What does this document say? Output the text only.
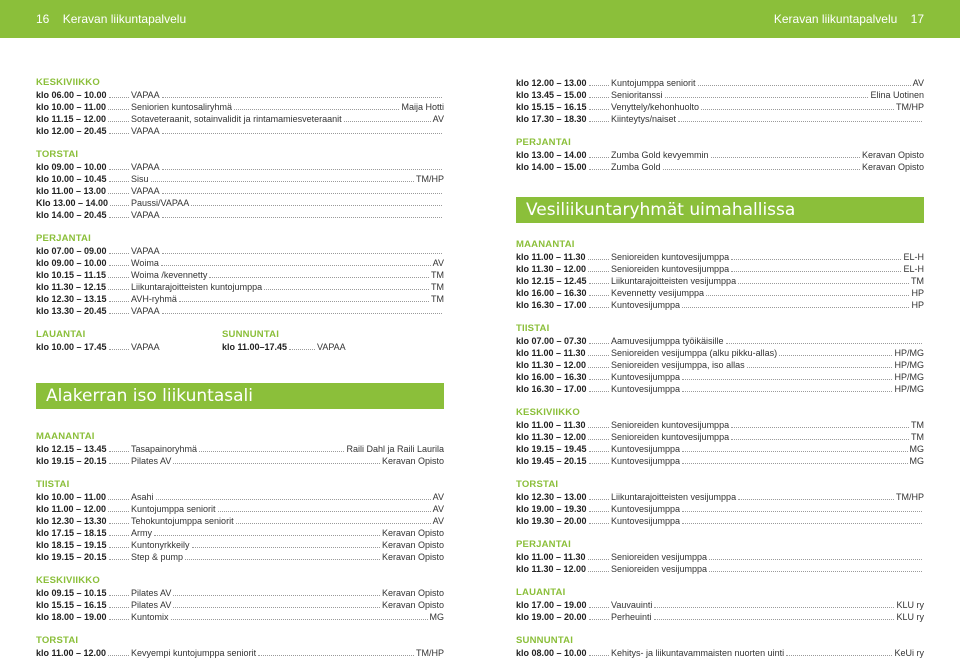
16 Keravan liikuntapalvelu	Keravan liikuntapalvelu 17
KESKIVIIKKO
klo 06.00 – 10.00	VAPAA
klo 10.00 – 11.00	Seniorien kuntosaliryhmä	Maija Hotti
klo 11.15 – 12.00	Sotaveteraanit, sotainvalidit ja rintamamiesveteraanit	AV
klo 12.00 – 20.45	VAPAA
TORSTAI
klo 09.00 – 10.00	VAPAA
klo 10.00 – 10.45	Sisu	TM/HP
klo 11.00 – 13.00	VAPAA
Klo 13.00 – 14.00	Paussi/VAPAA
klo 14.00 – 20.45	VAPAA
PERJANTAI
klo 07.00 – 09.00	VAPAA
klo 09.00 – 10.00	Woima	AV
klo 10.15 – 11.15	Woima /kevennetty	TM
klo 11.30 – 12.15	Liikuntarajoitteisten kuntojumppa	TM
klo 12.30 – 13.15	AVH-ryhmä	TM
klo 13.30 – 20.45	VAPAA
LAUANTAI
klo 10.00 – 17.45	VAPAA
SUNNUNTAI
klo 11.00–17.45	VAPAA
Alakerran iso liikuntasali
MAANANTAI
klo 12.15 – 13.45	Tasapainoryhmä	Raili Dahl ja Raili Laurila
klo 19.15 – 20.15	Pilates AV	Keravan Opisto
TIISTAI
klo 10.00 – 11.00	Asahi	AV
klo 11.00 – 12.00	Kuntojumppa seniorit	AV
klo 12.30 – 13.30	Tehokuntojumppa seniorit	AV
klo 17.15 – 18.15	Army	Keravan Opisto
klo 18.15 – 19.15	Kuntonyrkkeily	Keravan Opisto
klo 19.15 – 20.15	Step & pump	Keravan Opisto
KESKIVIIKKO
klo 09.15 – 10.15	Pilates AV	Keravan Opisto
klo 15.15 – 16.15	Pilates AV	Keravan Opisto
klo 18.00 – 19.00	Kuntomix	MG
TORSTAI
klo 11.00 – 12.00	Kevyempi kuntojumppa seniorit	TM/HP
klo 12.00 – 13.00	Kuntojumppa seniorit	AV
klo 13.45 – 15.00	Senioritanssi	Elina Uotinen
klo 15.15 – 16.15	Venyttely/kehonhuolto	TM/HP
klo 17.30 – 18.30	Kiinteytys/naiset
PERJANTAI
klo 13.00 – 14.00	Zumba Gold kevyemmin	Keravan Opisto
klo 14.00 – 15.00	Zumba Gold	Keravan Opisto
Vesiliikuntaryhmät uimahallissa
MAANANTAI
klo 11.00 – 11.30	Senioreiden kuntovesijumppa	EL-H
klo 11.30 – 12.00	Senioreiden kuntovesijumppa	EL-H
klo 12.15 – 12.45	Liikuntarajoitteisten vesijumppa	TM
klo 16.00 – 16.30	Kevennetty vesijumppa	HP
klo 16.30 – 17.00	Kuntovesijumppa	HP
TIISTAI
klo 07.00 – 07.30	Aamuvesijumppa työikäisille
klo 11.00 – 11.30	Senioreiden vesijumppa (alku pikku-allas)	HP/MG
klo 11.30 – 12.00	Senioreiden vesijumppa, iso allas	HP/MG
klo 16.00 – 16.30	Kuntovesijumppa	HP/MG
klo 16.30 – 17.00	Kuntovesijumppa	HP/MG
KESKIVIIKKO
klo 11.00 – 11.30	Senioreiden kuntovesijumppa	TM
klo 11.30 – 12.00	Senioreiden kuntovesijumppa	TM
klo 19.15 – 19.45	Kuntovesijumppa	MG
klo 19.45 – 20.15	Kuntovesijumppa	MG
TORSTAI
klo 12.30 – 13.00	Liikuntarajoitteisten vesijumppa	TM/HP
klo 19.00 – 19.30	Kuntovesijumppa
klo 19.30 – 20.00	Kuntovesijumppa
PERJANTAI
klo 11.00 – 11.30	Senioreiden vesijumppa
klo 11.30 – 12.00	Senioreiden vesijumppa
LAUANTAI
klo 17.00 – 19.00	Vauvauinti	KLU ry
klo 19.00 – 20.00	Perheuinti	KLU ry
SUNNUNTAI
klo 08.00 – 10.00	Kehitys- ja liikuntavammaisten nuorten uinti	KeUi ry
